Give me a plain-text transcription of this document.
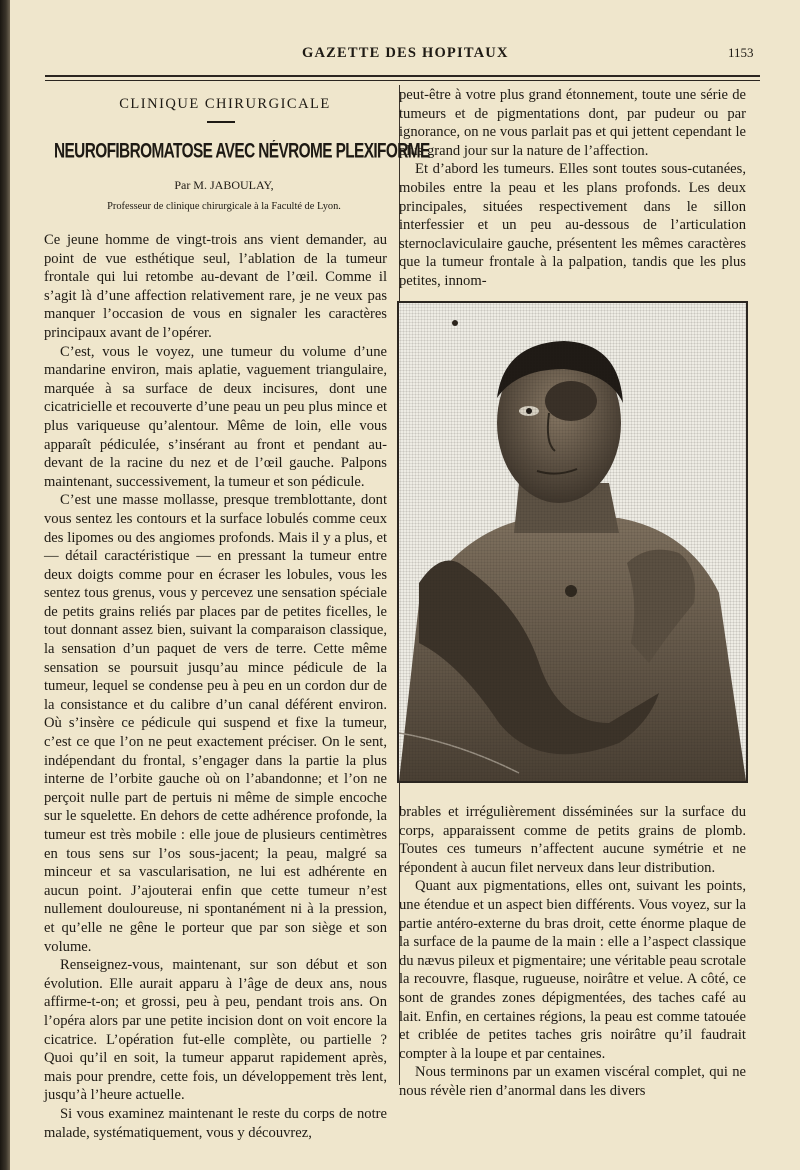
GAZETTE DES HOPITAUX	1153
CLINIQUE CHIRURGICALE
NEUROFIBROMATOSE AVEC NÉVROME PLEXIFORME
Par M. JABOULAY,
Professeur de clinique chirurgicale à la Faculté de Lyon.

Ce jeune homme de vingt-trois ans vient demander, au point de vue esthétique seul, l’ablation de la tumeur frontale qui lui retombe au-devant de l’œil. Comme il s’agit là d’une affection relativement rare, je ne veux pas manquer l’occasion de vous en signaler les caractères principaux avant de l’opérer.

C’est, vous le voyez, une tumeur du volume d’une mandarine environ, mais aplatie, vaguement triangulaire, marquée à sa surface de deux incisures, dont une cicatricielle et recouverte d’une peau un peu plus mince et plus variqueuse qu’alentour. Même de loin, elle vous apparaît pédiculée, s’insérant au front et pendant au-devant de la racine du nez et de l’œil gauche. Palpons maintenant, successivement, la tumeur et son pédicule.

C’est une masse mollasse, presque tremblottante, dont vous sentez les contours et la surface lobulés comme ceux des lipomes ou des angiomes profonds. Mais il y a plus, et — détail caractéristique — en pressant la tumeur entre deux doigts comme pour en écraser les lobules, vous les sentez tous grenus, vous y percevez une sensation spéciale de petits grains reliés par places par de petites ficelles, le tout donnant assez bien, suivant la comparaison classique, la sensation d’un paquet de vers de terre. Cette même sensation se poursuit jusqu’au mince pédicule de la tumeur, lequel se condense peu à peu en un cordon dur de la consistance et du calibre d’un canal déférent environ. Où s’insère ce pédicule qui suspend et fixe la tumeur, c’est ce que l’on ne peut exactement préciser. On le sent, indépendant du frontal, s’engager dans la partie la plus interne de l’orbite gauche où on l’abandonne; et l’on ne perçoit nulle part de pertuis ni même de simple encoche sur le squelette. En dehors de cette adhérence profonde, la tumeur est très mobile : elle joue de plusieurs centimètres en tous sens sur l’os sous-jacent; la peau, malgré sa minceur et sa vascularisation, ne lui est adhérente en aucun point. J’ajouterai enfin que cette tumeur n’est nullement douloureuse, ni spontanément ni à la pression, et qu’elle ne gêne le porteur que par son siège et son volume.

Renseignez-vous, maintenant, sur son début et son évolution. Elle aurait apparu à l’âge de deux ans, nous affirme-t-on; et grossi, peu à peu, pendant trois ans. On l’opéra alors par une petite incision dont on voit encore la cicatrice. L’opération fut-elle complète, ou partielle ? Quoi qu’il en soit, la tumeur apparut rapidement après, mais pour prendre, cette fois, un développement très lent, jusqu’à l’heure actuelle.

Si vous examinez maintenant le reste du corps de notre malade, systématiquement, vous y découvrez,

peut-être à votre plus grand étonnement, toute une série de tumeurs et de pigmentations dont, par pudeur ou par ignorance, on ne vous parlait pas et qui jettent cependant le plus grand jour sur la nature de l’affection.

Et d’abord les tumeurs. Elles sont toutes sous-cutanées, mobiles entre la peau et les plans profonds. Les deux principales, situées respectivement dans le sillon interfessier et un peu au-dessous de l’articulation sternoclaviculaire gauche, présentent les mêmes caractères que la tumeur frontale à la palpation, tandis que les plus petites, innom-

brables et irrégulièrement disséminées sur la surface du corps, apparaissent comme de petits grains de plomb. Toutes ces tumeurs n’affectent aucune symétrie et ne répondent à aucun filet nerveux dans leur distribution.

Quant aux pigmentations, elles ont, suivant les points, une étendue et un aspect bien différents. Vous voyez, sur la partie antéro-externe du bras droit, cette énorme plaque de la surface de la paume de la main : elle a l’aspect classique du nævus pileux et pigmentaire; une véritable peau scrotale la recouvre, flasque, rugueuse, noirâtre et velue. A côté, ce sont de grandes zones dépigmentées, des taches café au lait. Enfin, en certaines régions, la peau est comme tatouée et criblée de petites taches gris noirâtre qu’il faudrait compter à la loupe et par centaines.

Nous terminons par un examen viscéral complet, qui ne nous révèle rien d’anormal dans les divers
